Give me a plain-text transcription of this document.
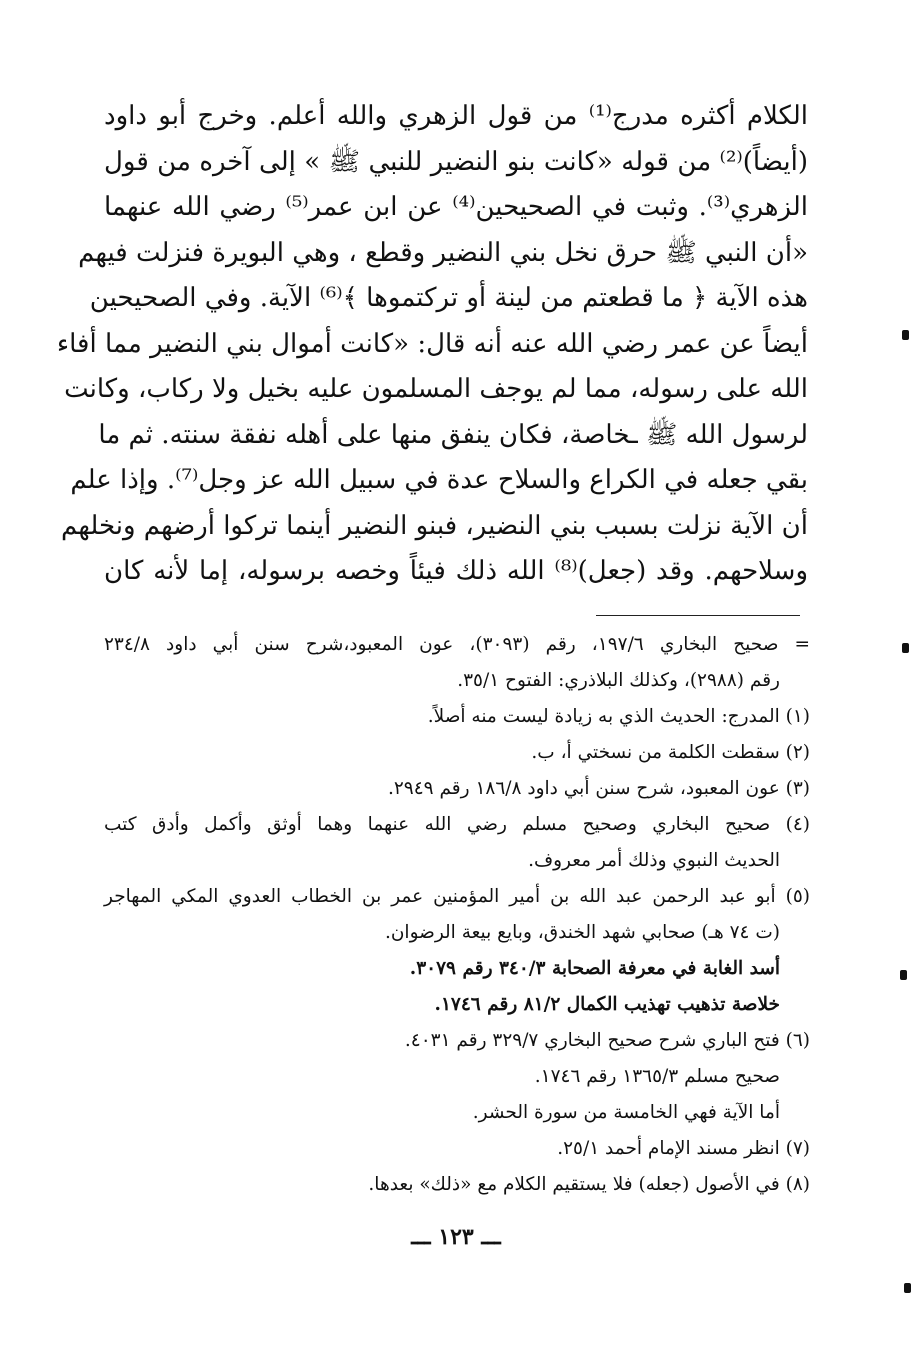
الكلام أكثره مدرج⁽¹⁾ من قول الزهري والله أعلم. وخرج أبو داود
(أيضاً)⁽²⁾ من قوله «كانت بنو النضير للنبي ﷺ » إلى آخره من قول
الزهري⁽³⁾. وثبت في الصحيحين⁽⁴⁾ عن ابن عمر⁽⁵⁾ رضي الله عنهما
«أن النبي ﷺ حرق نخل بني النضير وقطع ، وهي البويرة فنزلت فيهم
هذه الآية ﴿ ما قطعتم من لينة أو تركتموها ﴾⁽⁶⁾ الآية. وفي الصحيحين
أيضاً عن عمر رضي الله عنه أنه قال: «كانت أموال بني النضير مما أفاء
الله على رسوله، مما لم يوجف المسلمون عليه بخيل ولا ركاب، وكانت
لرسول الله ﷺ ـخاصة، فكان ينفق منها على أهله نفقة سنته. ثم ما
بقي جعله في الكراع والسلاح عدة في سبيل الله عز وجل⁽⁷⁾. وإذا علم
أن الآية نزلت بسبب بني النضير، فبنو النضير أينما تركوا أرضهم ونخلهم
وسلاحهم. وقد (جعل)⁽⁸⁾ الله ذلك فيئاً وخصه برسوله، إما لأنه كان
= صحيح البخاري ١٩٧/٦، رقم (٣٠٩٣)، عون المعبود،شرح سنن أبي داود ٢٣٤/٨
رقم (٢٩٨٨)، وكذلك البلاذري: الفتوح ٣٥/١.
(١) المدرج: الحديث الذي به زيادة ليست منه أصلاً.
(٢) سقطت الكلمة من نسختي أ، ب.
(٣) عون المعبود، شرح سنن أبي داود ١٨٦/٨ رقم ٢٩٤٩.
(٤) صحيح البخاري وصحيح مسلم رضي الله عنهما وهما أوثق وأكمل وأدق كتب
الحديث النبوي وذلك أمر معروف.
(٥) أبو عبد الرحمن عبد الله بن أمير المؤمنين عمر بن الخطاب العدوي المكي المهاجر
(ت ٧٤ هـ) صحابي شهد الخندق، وبايع بيعة الرضوان.
أسد الغابة في معرفة الصحابة ٣٤٠/٣ رقم ٣٠٧٩.
خلاصة تذهيب تهذيب الكمال ٨١/٢ رقم ١٧٤٦.
(٦) فتح الباري شرح صحيح البخاري ٣٢٩/٧ رقم ٤٠٣١.
صحيح مسلم ١٣٦٥/٣ رقم ١٧٤٦.
أما الآية فهي الخامسة من سورة الحشر.
(٧) انظر مسند الإمام أحمد ٢٥/١.
(٨) في الأصول (جعله) فلا يستقيم الكلام مع «ذلك» بعدها.
ـــ ١٢٣ ـــ
